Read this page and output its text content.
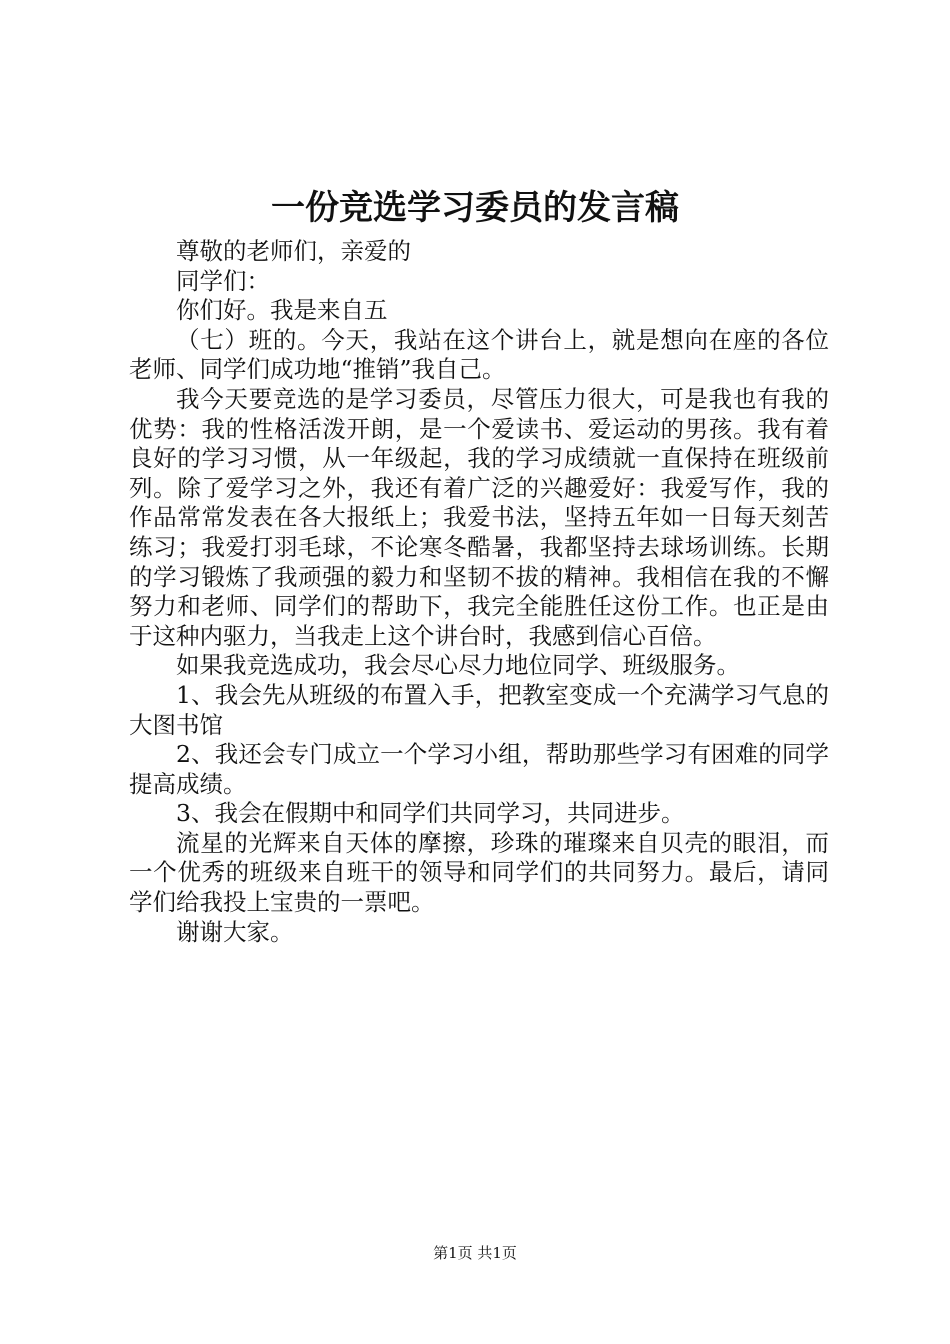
一份竞选学习委员的发言稿

尊敬的老师们，亲爱的

同学们：

你们好。我是来自五

（七）班的。今天，我站在这个讲台上，就是想向在座的各位老师、同学们成功地“推销”我自己。

我今天要竞选的是学习委员，尽管压力很大，可是我也有我的优势：我的性格活泼开朗，是一个爱读书、爱运动的男孩。我有着良好的学习习惯，从一年级起，我的学习成绩就一直保持在班级前列。除了爱学习之外，我还有着广泛的兴趣爱好：我爱写作，我的作品常常发表在各大报纸上；我爱书法，坚持五年如一日每天刻苦练习；我爱打羽毛球，不论寒冬酷暑，我都坚持去球场训练。长期的学习锻炼了我顽强的毅力和坚韧不拔的精神。我相信在我的不懈努力和老师、同学们的帮助下，我完全能胜任这份工作。也正是由于这种内驱力，当我走上这个讲台时，我感到信心百倍。

如果我竞选成功，我会尽心尽力地位同学、班级服务。

1、我会先从班级的布置入手，把教室变成一个充满学习气息的大图书馆

2、我还会专门成立一个学习小组，帮助那些学习有困难的同学提高成绩。

3、我会在假期中和同学们共同学习，共同进步。

流星的光辉来自天体的摩擦，珍珠的璀璨来自贝壳的眼泪，而一个优秀的班级来自班干的领导和同学们的共同努力。最后，请同学们给我投上宝贵的一票吧。

谢谢大家。

第1页 共1页
